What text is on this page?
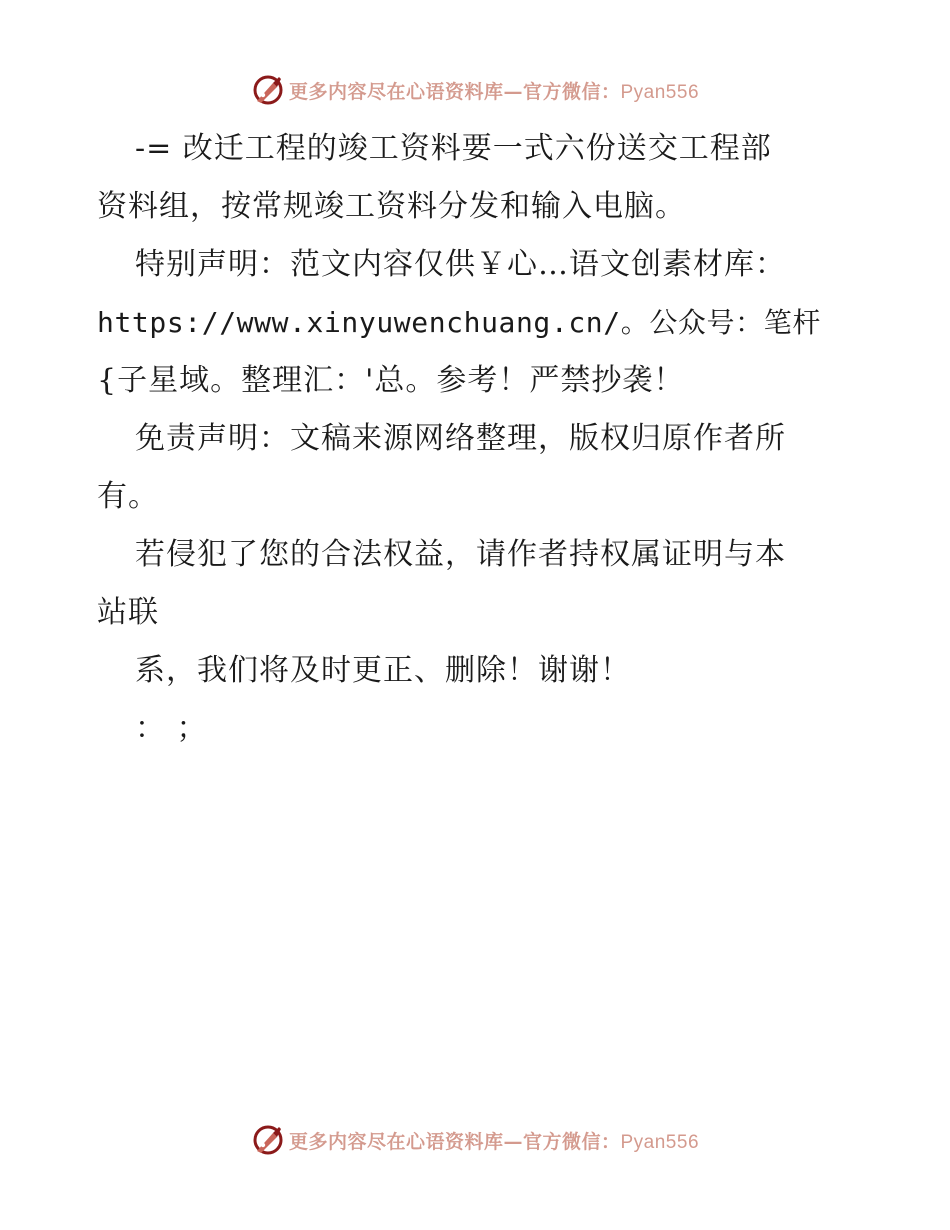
更多内容尽在心语资料库—官方微信：Pyan556
-= 改迁工程的竣工资料要一式六份送交工程部
资料组，按常规竣工资料分发和输入电脑。
特别声明：范文内容仅供￥心…语文创素材库：
https://www.xinyuwenchuang.cn/。公众号：笔杆
{子星域。整理汇：'总。参考！严禁抄袭！
免责声明：文稿来源网络整理，版权归原作者所
有。
若侵犯了您的合法权益，请作者持权属证明与本
站联
系，我们将及时更正、删除！谢谢！
： ；
更多内容尽在心语资料库—官方微信：Pyan556
